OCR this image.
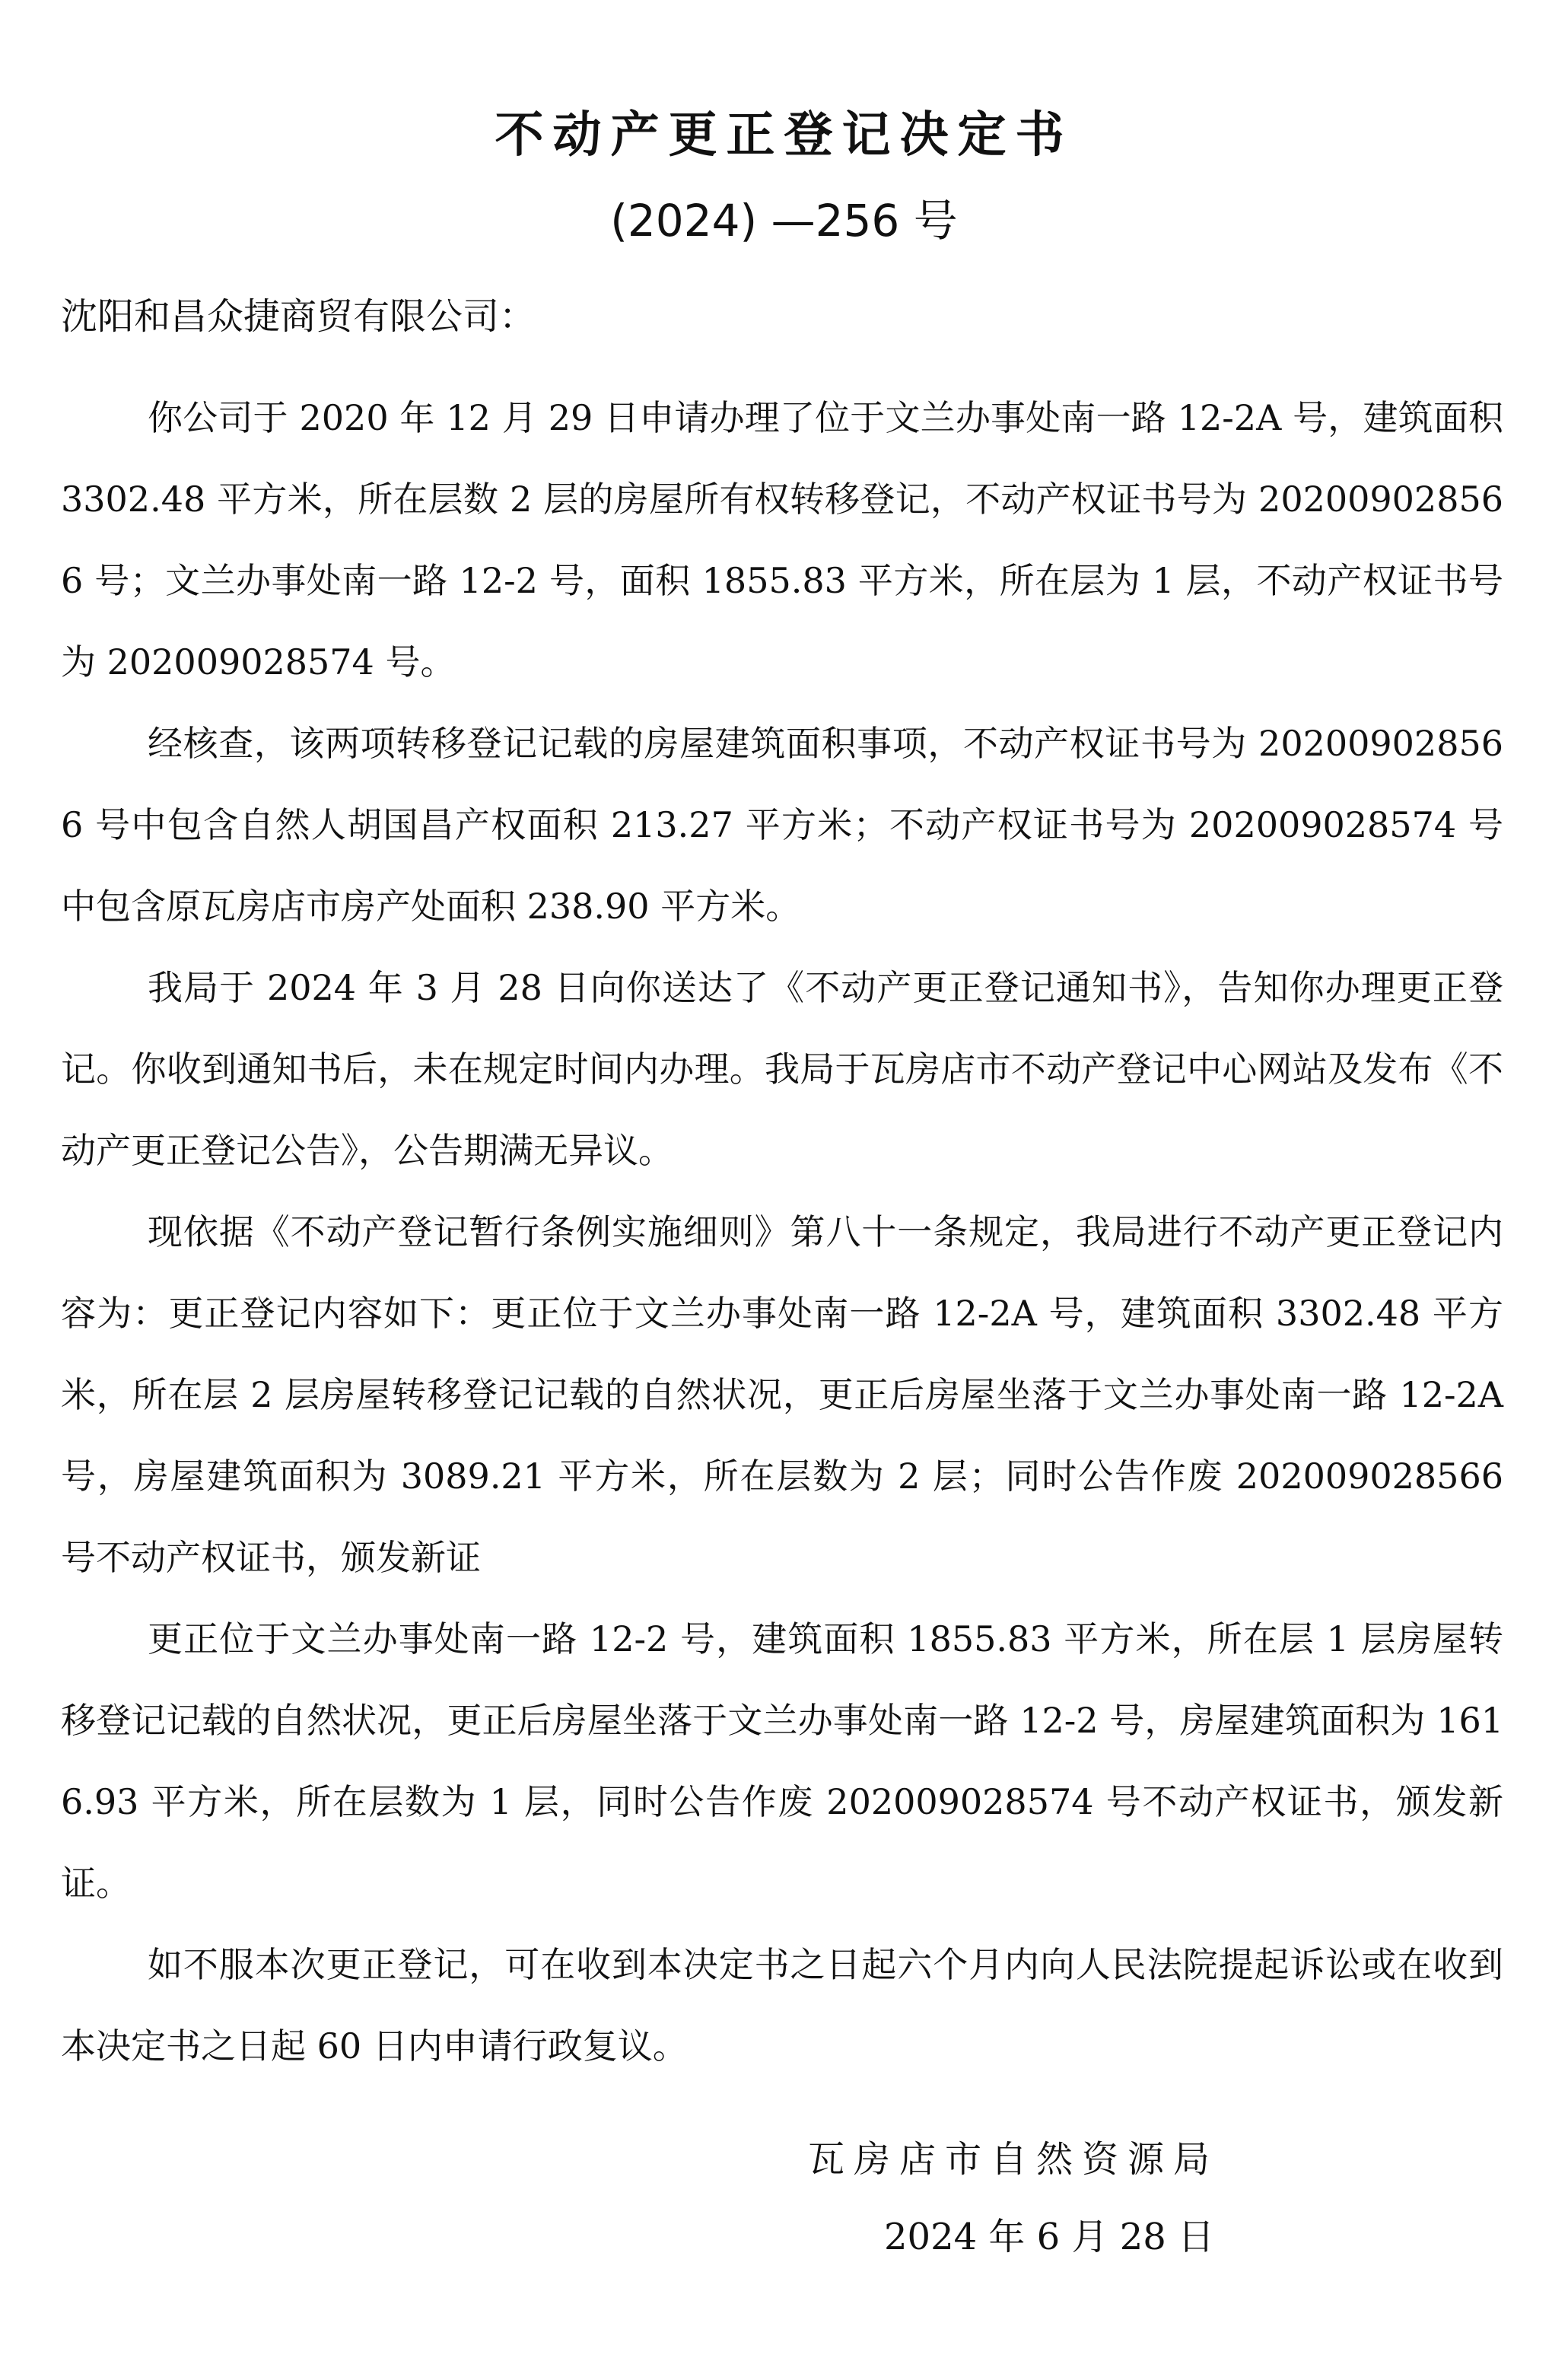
不动产更正登记决定书
(2024) —256 号
沈阳和昌众捷商贸有限公司：

你公司于 2020 年 12 月 29 日申请办理了位于文兰办事处南一路 12-2A 号，建筑面积 3302.48 平方米，所在层数 2 层的房屋所有权转移登记，不动产权证书号为 202009028566 号；文兰办事处南一路 12-2 号，面积 1855.83 平方米，所在层为 1 层，不动产权证书号为 202009028574 号。

经核查，该两项转移登记记载的房屋建筑面积事项，不动产权证书号为 202009028566 号中包含自然人胡国昌产权面积 213.27 平方米；不动产权证书号为 202009028574 号中包含原瓦房店市房产处面积 238.90 平方米。

我局于 2024 年 3 月 28 日向你送达了《不动产更正登记通知书》，告知你办理更正登记。你收到通知书后，未在规定时间内办理。我局于瓦房店市不动产登记中心网站及发布《不动产更正登记公告》，公告期满无异议。

现依据《不动产登记暂行条例实施细则》第八十一条规定，我局进行不动产更正登记内容为：更正登记内容如下：更正位于文兰办事处南一路 12-2A 号，建筑面积 3302.48 平方米，所在层 2 层房屋转移登记记载的自然状况，更正后房屋坐落于文兰办事处南一路 12-2A 号，房屋建筑面积为 3089.21 平方米，所在层数为 2 层；同时公告作废 202009028566 号不动产权证书，颁发新证

更正位于文兰办事处南一路 12-2 号，建筑面积 1855.83 平方米，所在层 1 层房屋转移登记记载的自然状况，更正后房屋坐落于文兰办事处南一路 12-2 号，房屋建筑面积为 1616.93 平方米，所在层数为 1 层，同时公告作废 202009028574 号不动产权证书，颁发新证。

如不服本次更正登记，可在收到本决定书之日起六个月内向人民法院提起诉讼或在收到本决定书之日起 60 日内申请行政复议。

瓦房店市自然资源局
2024 年 6 月 28 日
